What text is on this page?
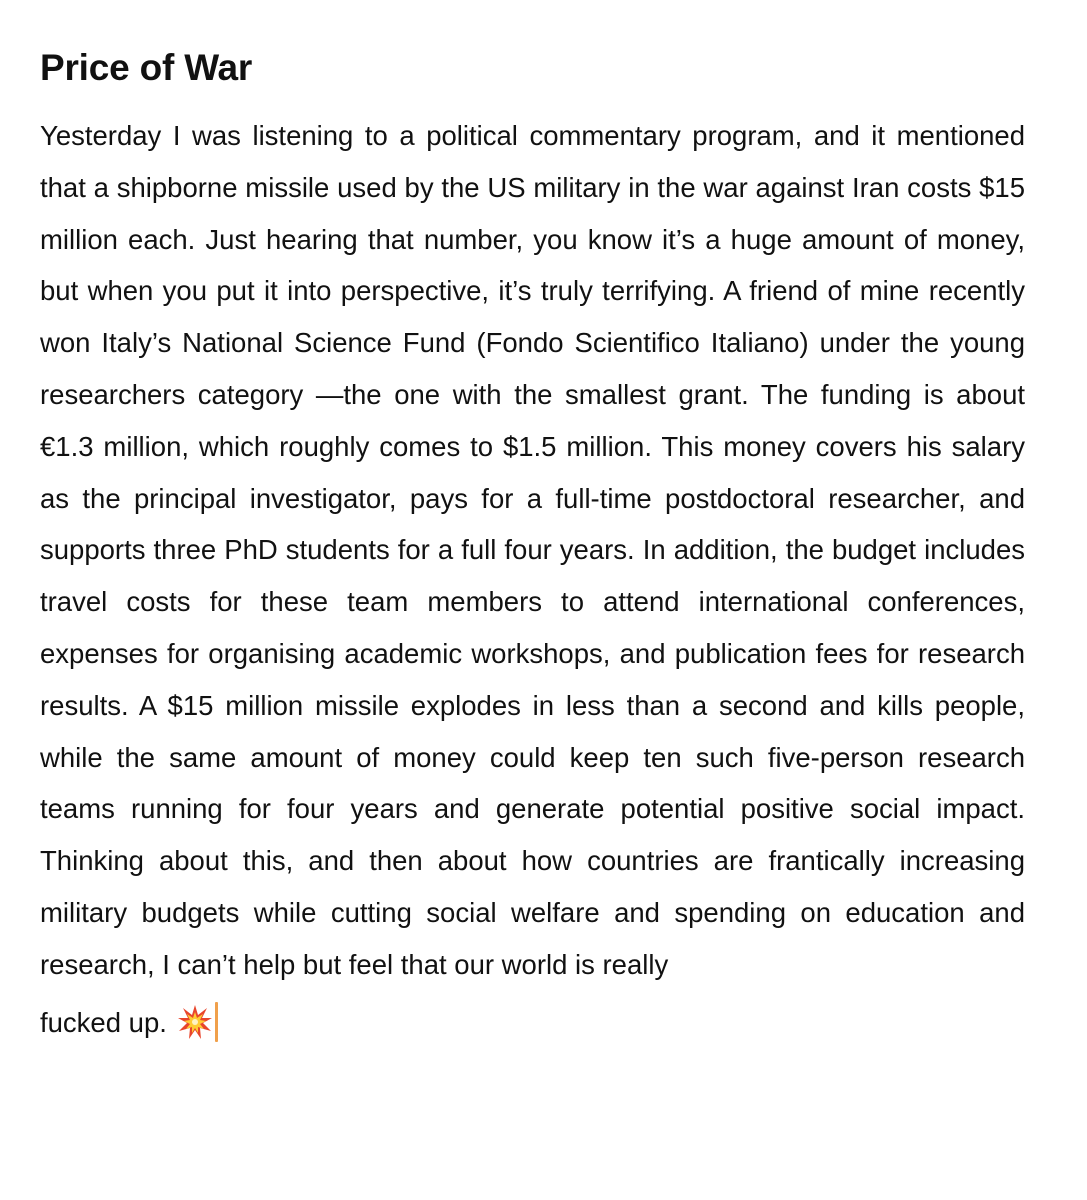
Price of War

Yesterday I was listening to a political commentary program, and it mentioned that a shipborne missile used by the US military in the war against Iran costs $15 million each. Just hearing that number, you know it’s a huge amount of money, but when you put it into perspective, it’s truly terrifying. A friend of mine recently won Italy’s National Science Fund (Fondo Scientifico Italiano) under the young researchers category —the one with the smallest grant. The funding is about €1.3 million, which roughly comes to $1.5 million. This money covers his salary as the principal investigator, pays for a full-time postdoctoral researcher, and supports three PhD students for a full four years. In addition, the budget includes travel costs for these team members to attend international conferences, expenses for organising academic workshops, and publication fees for research results. A $15 million missile explodes in less than a second and kills people, while the same amount of money could keep ten such five-person research teams running for four years and generate potential positive social impact. Thinking about this, and then about how countries are frantically increasing military budgets while cutting social welfare and spending on education and research, I can’t help but feel that our world is really

fucked up.
